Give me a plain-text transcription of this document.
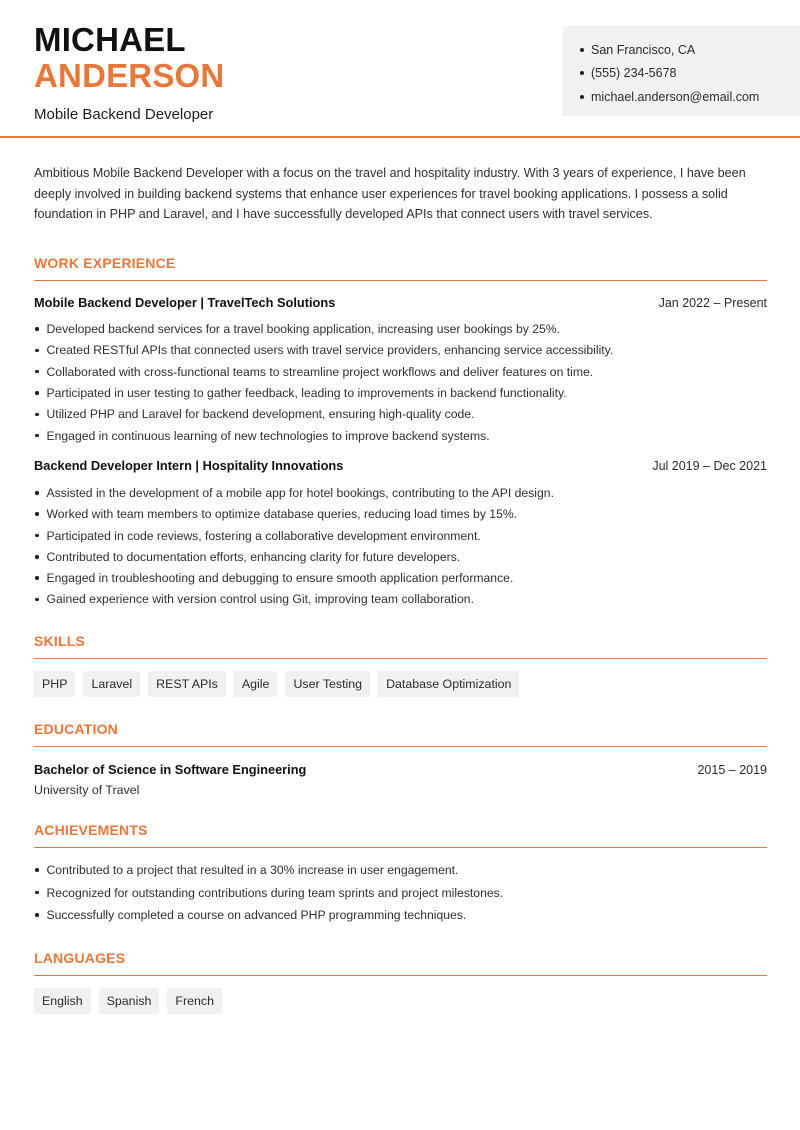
MICHAEL
ANDERSON
Mobile Backend Developer
San Francisco, CA
(555) 234-5678
michael.anderson@email.com

Ambitious Mobile Backend Developer with a focus on the travel and hospitality industry. With 3 years of experience, I have been deeply involved in building backend systems that enhance user experiences for travel booking applications. I possess a solid foundation in PHP and Laravel, and I have successfully developed APIs that connect users with travel services.

WORK EXPERIENCE
Mobile Backend Developer | TravelTech Solutions	Jan 2022 – Present
Developed backend services for a travel booking application, increasing user bookings by 25%.
Created RESTful APIs that connected users with travel service providers, enhancing service accessibility.
Collaborated with cross-functional teams to streamline project workflows and deliver features on time.
Participated in user testing to gather feedback, leading to improvements in backend functionality.
Utilized PHP and Laravel for backend development, ensuring high-quality code.
Engaged in continuous learning of new technologies to improve backend systems.
Backend Developer Intern | Hospitality Innovations	Jul 2019 – Dec 2021
Assisted in the development of a mobile app for hotel bookings, contributing to the API design.
Worked with team members to optimize database queries, reducing load times by 15%.
Participated in code reviews, fostering a collaborative development environment.
Contributed to documentation efforts, enhancing clarity for future developers.
Engaged in troubleshooting and debugging to ensure smooth application performance.
Gained experience with version control using Git, improving team collaboration.
SKILLS
PHP	Laravel	REST APIs	Agile	User Testing	Database Optimization
EDUCATION
Bachelor of Science in Software Engineering	2015 – 2019
University of Travel
ACHIEVEMENTS
Contributed to a project that resulted in a 30% increase in user engagement.
Recognized for outstanding contributions during team sprints and project milestones.
Successfully completed a course on advanced PHP programming techniques.
LANGUAGES
English	Spanish	French
